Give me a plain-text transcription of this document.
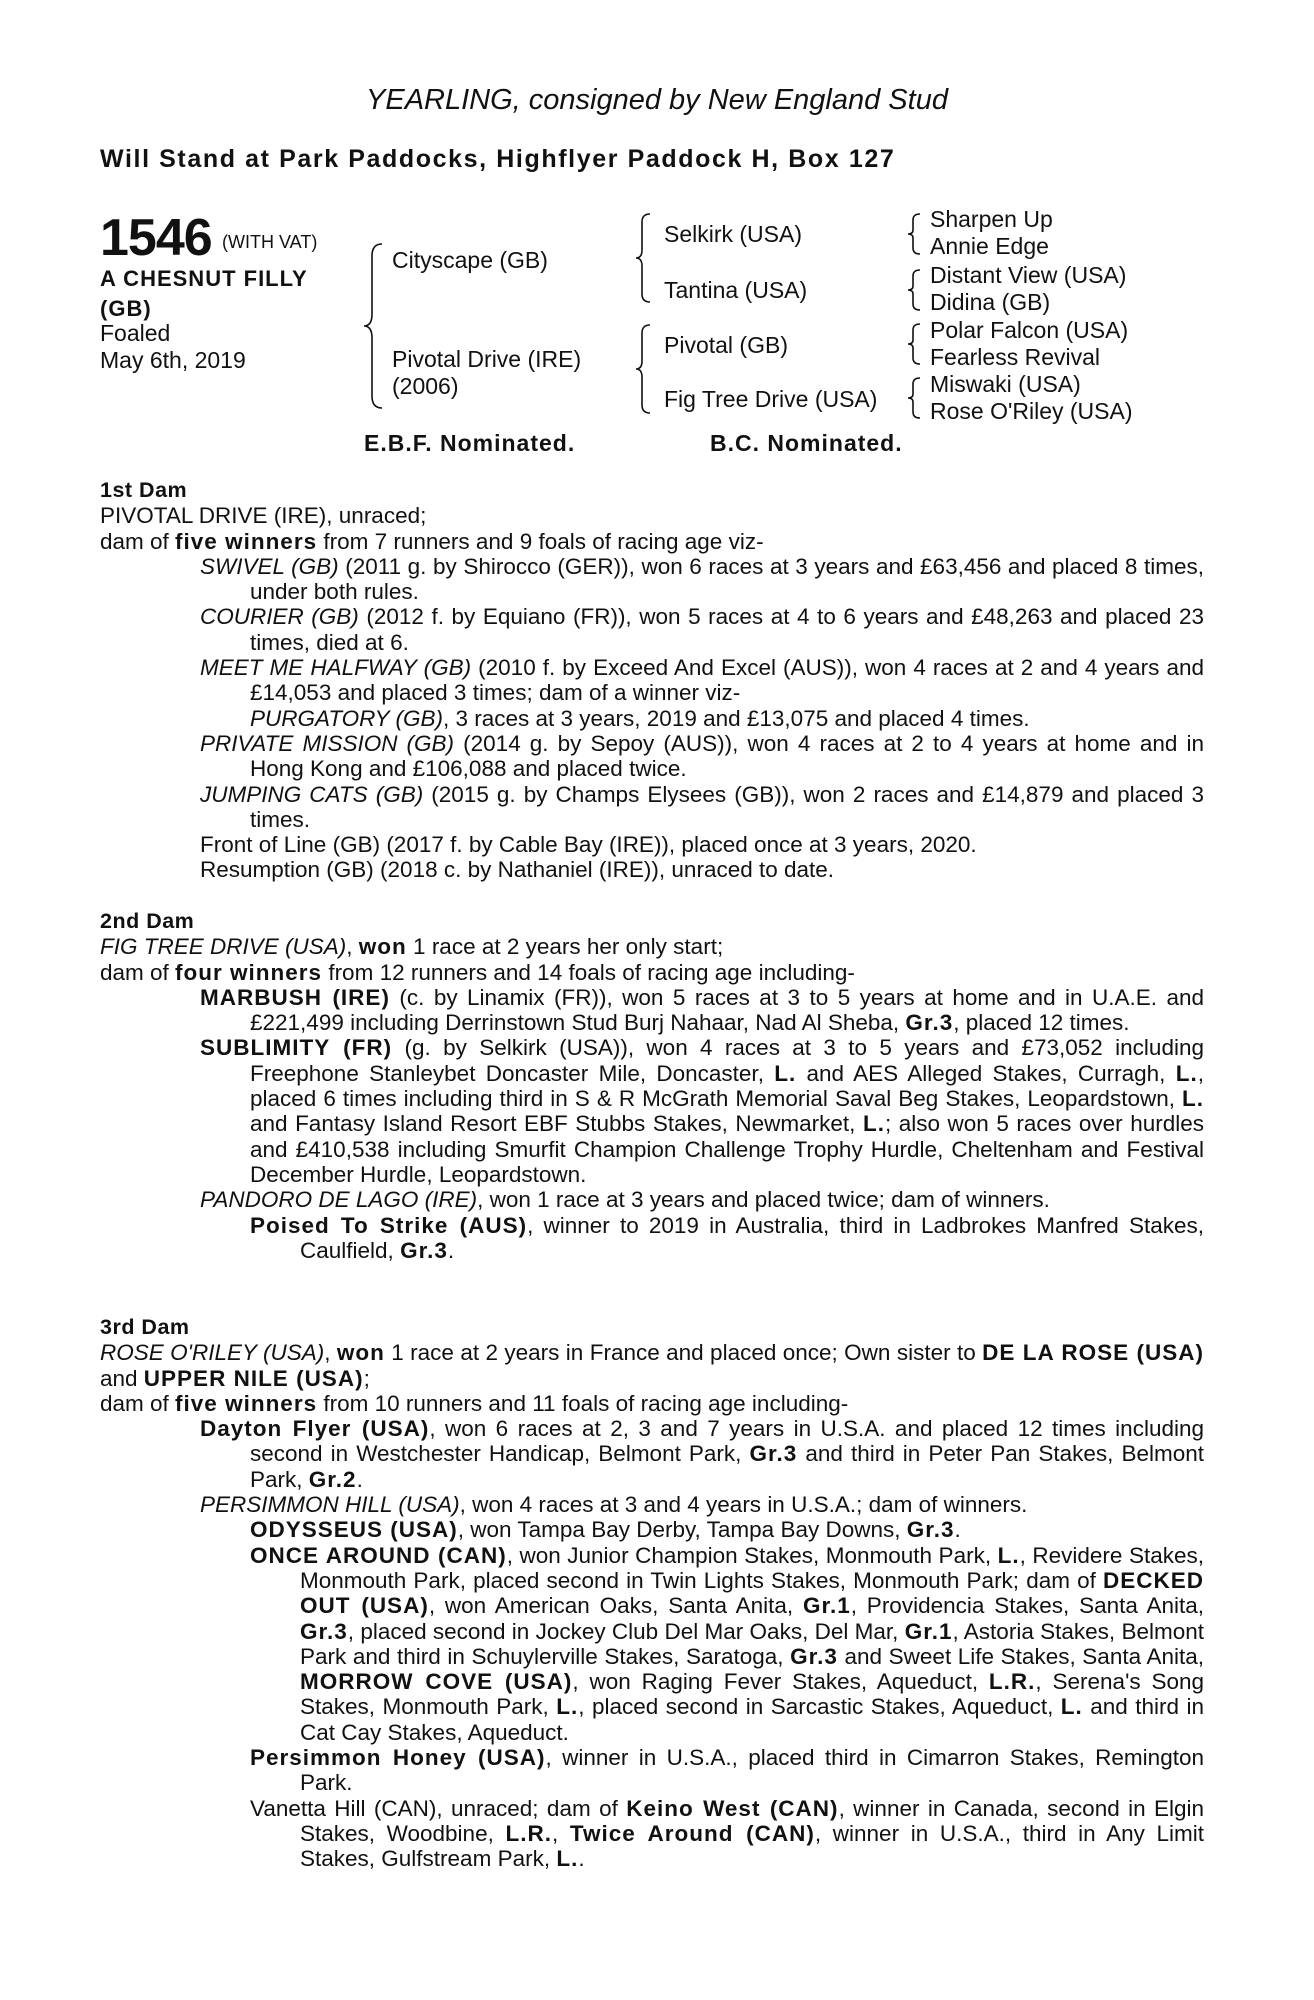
YEARLING, consigned by New England Stud
Will Stand at Park Paddocks, Highflyer Paddock H, Box 127
1546 (WITH VAT)
A CHESNUT FILLY
(GB)
Foaled
May 6th, 2019
Cityscape (GB)
Pivotal Drive (IRE)
(2006)
Selkirk (USA)
Tantina (USA)
Pivotal (GB)
Fig Tree Drive (USA)
Sharpen Up
Annie Edge
Distant View (USA)
Didina (GB)
Polar Falcon (USA)
Fearless Revival
Miswaki (USA)
Rose O'Riley (USA)
E.B.F. Nominated.	B.C. Nominated.

1st Dam

PIVOTAL DRIVE (IRE), unraced;

dam of five winners from 7 runners and 9 foals of racing age viz-

SWIVEL (GB) (2011 g. by Shirocco (GER)), won 6 races at 3 years and £63,456 and placed 8 times, under both rules.

COURIER (GB) (2012 f. by Equiano (FR)), won 5 races at 4 to 6 years and £48,263 and placed 23 times, died at 6.

MEET ME HALFWAY (GB) (2010 f. by Exceed And Excel (AUS)), won 4 races at 2 and 4 years and £14,053 and placed 3 times; dam of a winner viz-

PURGATORY (GB), 3 races at 3 years, 2019 and £13,075 and placed 4 times.

PRIVATE MISSION (GB) (2014 g. by Sepoy (AUS)), won 4 races at 2 to 4 years at home and in Hong Kong and £106,088 and placed twice.

JUMPING CATS (GB) (2015 g. by Champs Elysees (GB)), won 2 races and £14,879 and placed 3 times.

Front of Line (GB) (2017 f. by Cable Bay (IRE)), placed once at 3 years, 2020.

Resumption (GB) (2018 c. by Nathaniel (IRE)), unraced to date.

2nd Dam

FIG TREE DRIVE (USA), won 1 race at 2 years her only start;

dam of four winners from 12 runners and 14 foals of racing age including-

MARBUSH (IRE) (c. by Linamix (FR)), won 5 races at 3 to 5 years at home and in U.A.E. and £221,499 including Derrinstown Stud Burj Nahaar, Nad Al Sheba, Gr.3, placed 12 times.

SUBLIMITY (FR) (g. by Selkirk (USA)), won 4 races at 3 to 5 years and £73,052 including Freephone Stanleybet Doncaster Mile, Doncaster, L. and AES Alleged Stakes, Curragh, L., placed 6 times including third in S & R McGrath Memorial Saval Beg Stakes, Leopardstown, L. and Fantasy Island Resort EBF Stubbs Stakes, Newmarket, L.; also won 5 races over hurdles and £410,538 including Smurfit Champion Challenge Trophy Hurdle, Cheltenham and Festival December Hurdle, Leopardstown.

PANDORO DE LAGO (IRE), won 1 race at 3 years and placed twice; dam of winners.

Poised To Strike (AUS), winner to 2019 in Australia, third in Ladbrokes Manfred Stakes, Caulfield, Gr.3.

3rd Dam

ROSE O'RILEY (USA), won 1 race at 2 years in France and placed once; Own sister to DE LA ROSE (USA) and UPPER NILE (USA);

dam of five winners from 10 runners and 11 foals of racing age including-

Dayton Flyer (USA), won 6 races at 2, 3 and 7 years in U.S.A. and placed 12 times including second in Westchester Handicap, Belmont Park, Gr.3 and third in Peter Pan Stakes, Belmont Park, Gr.2.

PERSIMMON HILL (USA), won 4 races at 3 and 4 years in U.S.A.; dam of winners.

ODYSSEUS (USA), won Tampa Bay Derby, Tampa Bay Downs, Gr.3.

ONCE AROUND (CAN), won Junior Champion Stakes, Monmouth Park, L., Revidere Stakes, Monmouth Park, placed second in Twin Lights Stakes, Monmouth Park; dam of DECKED OUT (USA), won American Oaks, Santa Anita, Gr.1, Providencia Stakes, Santa Anita, Gr.3, placed second in Jockey Club Del Mar Oaks, Del Mar, Gr.1, Astoria Stakes, Belmont Park and third in Schuylerville Stakes, Saratoga, Gr.3 and Sweet Life Stakes, Santa Anita, MORROW COVE (USA), won Raging Fever Stakes, Aqueduct, L.R., Serena's Song Stakes, Monmouth Park, L., placed second in Sarcastic Stakes, Aqueduct, L. and third in Cat Cay Stakes, Aqueduct.

Persimmon Honey (USA), winner in U.S.A., placed third in Cimarron Stakes, Remington Park.

Vanetta Hill (CAN), unraced; dam of Keino West (CAN), winner in Canada, second in Elgin Stakes, Woodbine, L.R., Twice Around (CAN), winner in U.S.A., third in Any Limit Stakes, Gulfstream Park, L..
